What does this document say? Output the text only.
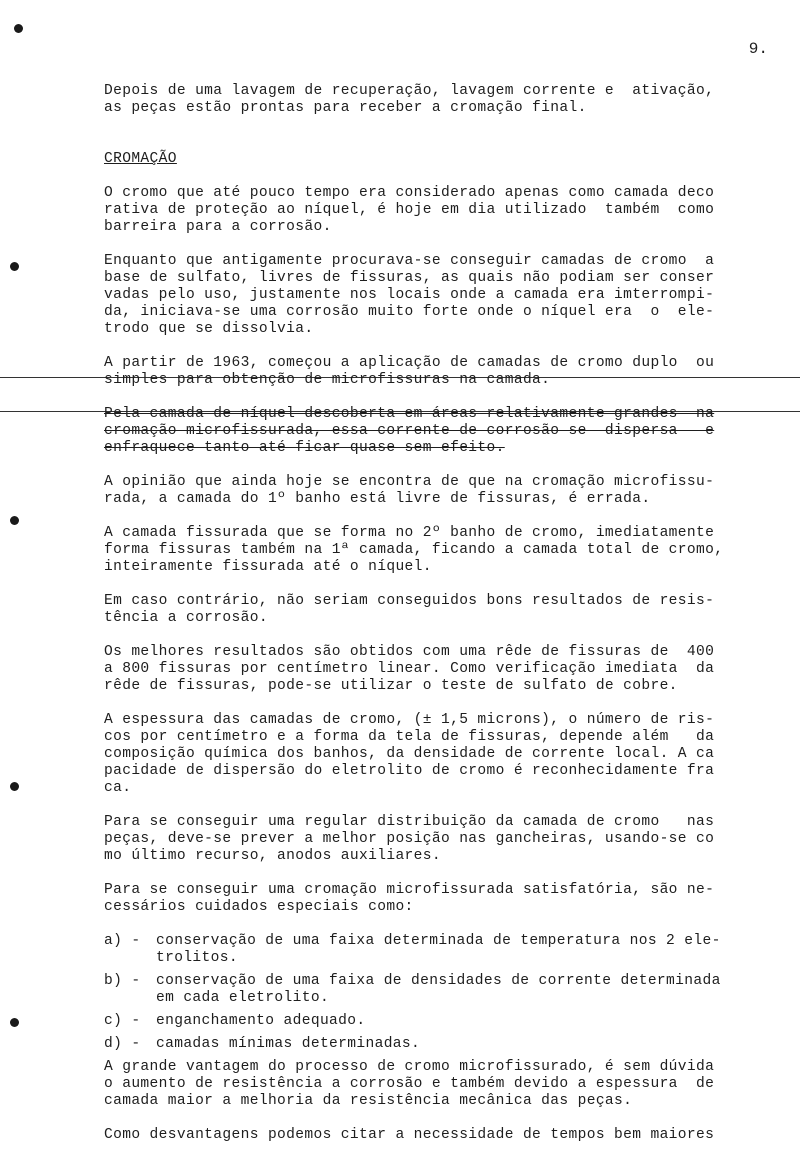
9.

Depois de uma lavagem de recuperação, lavagem corrente e  ativação,
as peças estão prontas para receber a cromação final.

CROMAÇÃO

O cromo que até pouco tempo era considerado apenas como camada deco
rativa de proteção ao níquel, é hoje em dia utilizado  também  como
barreira para a corrosão.

Enquanto que antigamente procurava-se conseguir camadas de cromo  a
base de sulfato, livres de fissuras, as quais não podiam ser conser
vadas pelo uso, justamente nos locais onde a camada era imterrompi-
da, iniciava-se uma corrosão muito forte onde o níquel era  o  ele-
trodo que se dissolvia.

A partir de 1963, começou a aplicação de camadas de cromo duplo  ou
simples para obtenção de microfissuras na camada.

Pela camada de níquel descoberta em áreas relativamente grandes  na
cromação microfissurada, essa corrente de corrosão se  dispersa   e
enfraquece tanto até ficar quase sem efeito.

A opinião que ainda hoje se encontra de que na cromação microfissu-
rada, a camada do 1º banho está livre de fissuras, é errada.

A camada fissurada que se forma no 2º banho de cromo, imediatamente
forma fissuras também na 1ª camada, ficando a camada total de cromo,
inteiramente fissurada até o níquel.

Em caso contrário, não seriam conseguidos bons resultados de resis-
tência a corrosão.

Os melhores resultados são obtidos com uma rêde de fissuras de  400
a 800 fissuras por centímetro linear. Como verificação imediata  da
rêde de fissuras, pode-se utilizar o teste de sulfato de cobre.

A espessura das camadas de cromo, (± 1,5 microns), o número de ris-
cos por centímetro e a forma da tela de fissuras, depende além   da
composição química dos banhos, da densidade de corrente local. A ca
pacidade de dispersão do eletrolito de cromo é reconhecidamente fra
ca.

Para se conseguir uma regular distribuição da camada de cromo   nas
peças, deve-se prever a melhor posição nas gancheiras, usando-se co
mo último recurso, anodos auxiliares.

Para se conseguir uma cromação microfissurada satisfatória, são ne-
cessários cuidados especiais como:

a) -	conservação de uma faixa determinada de temperatura nos 2 ele-
trolitos.
b) -	conservação de uma faixa de densidades de corrente determinada
em cada eletrolito.
c) -	enganchamento adequado.
d) -	camadas mínimas determinadas.

A grande vantagem do processo de cromo microfissurado, é sem dúvida
o aumento de resistência a corrosão e também devido a espessura  de
camada maior a melhoria da resistência mecânica das peças.

Como desvantagens podemos citar a necessidade de tempos bem maiores
